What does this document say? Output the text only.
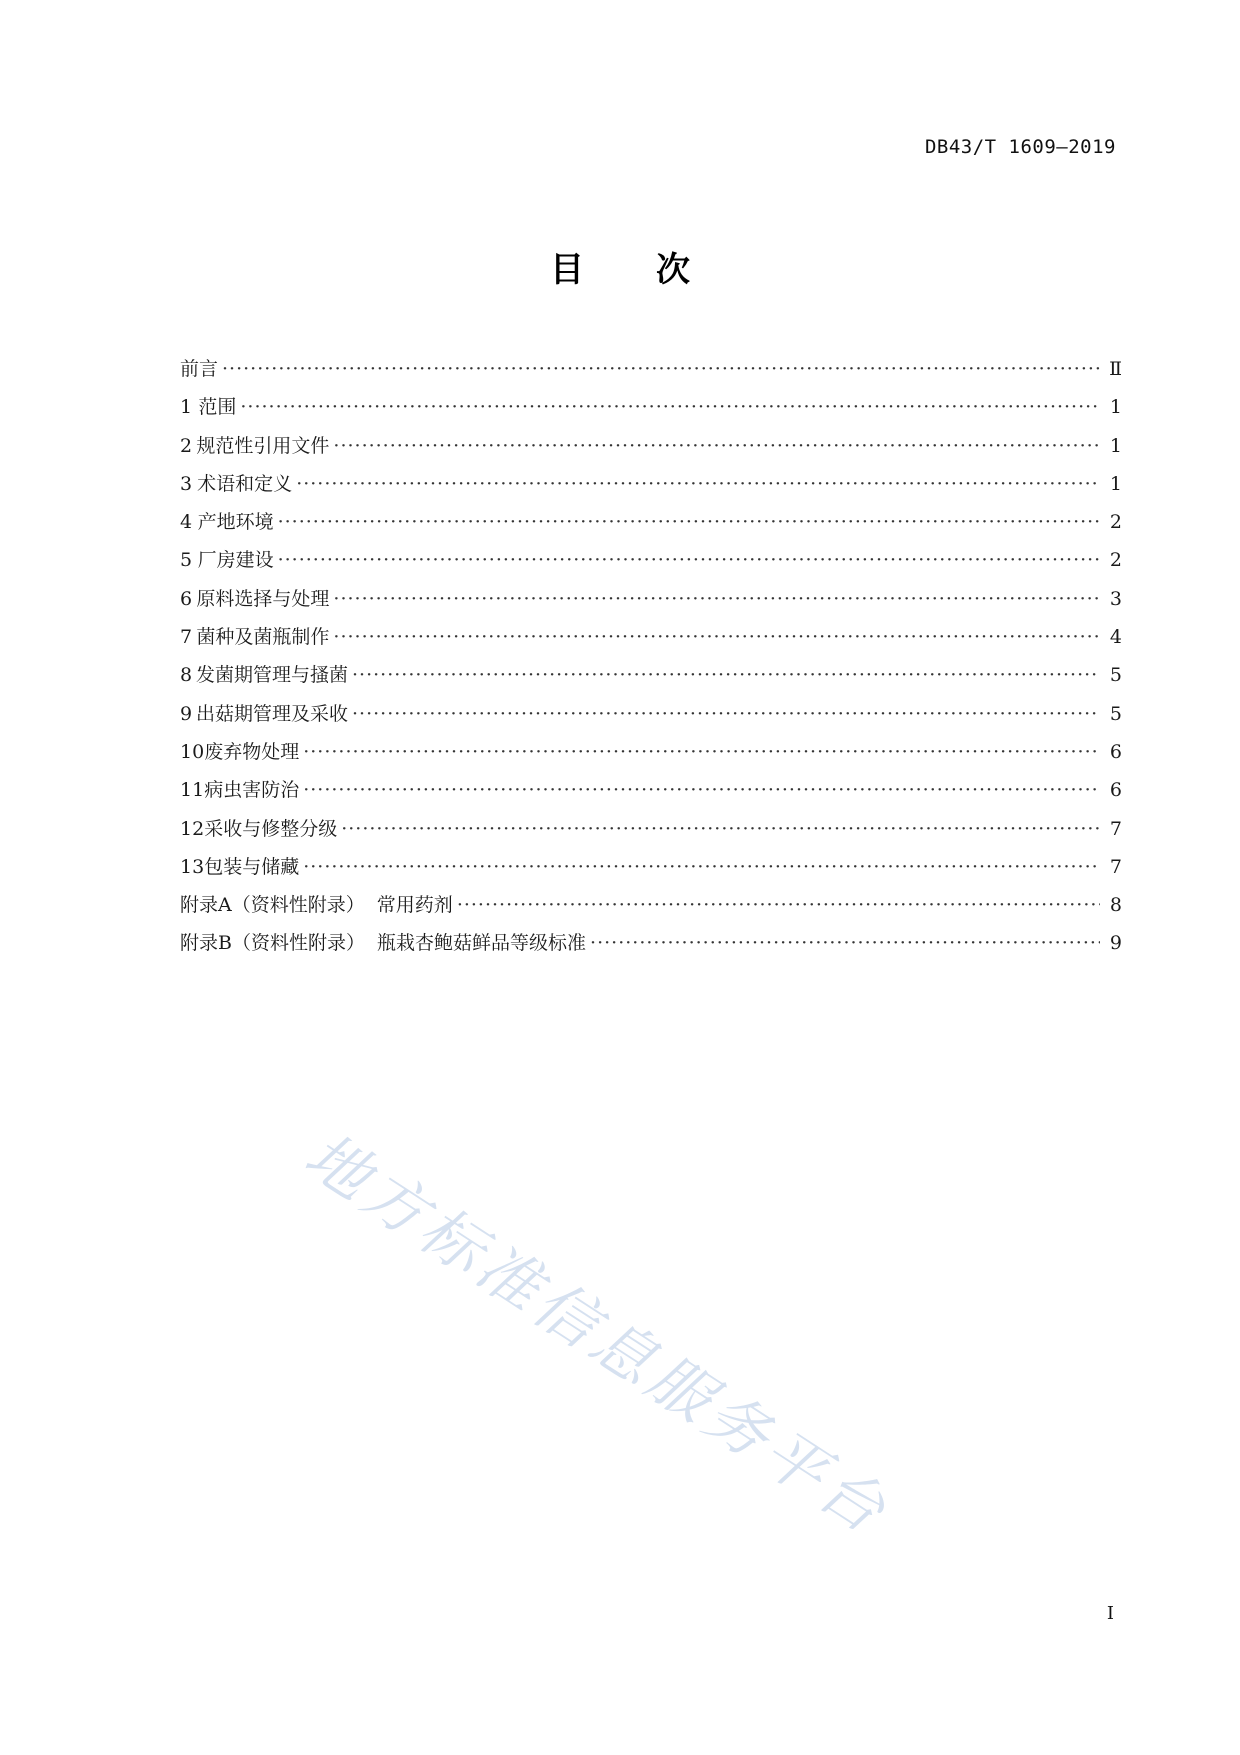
DB43/T 1609—2019
目次
前言 ·····	Ⅱ
1 范围 ·····	1
2 规范性引用文件 ·····	1
3 术语和定义 ·····	1
4 产地环境 ·····	2
5 厂房建设 ·····	2
6 原料选择与处理 ·····	3
7 菌种及菌瓶制作 ·····	4
8 发菌期管理与搔菌 ·····	5
9 出菇期管理及采收 ·····	5
10 废弃物处理 ·····	6
11 病虫害防治 ·····	6
12 采收与修整分级 ·····	7
13 包装与储藏 ·····	7
附录A（资料性附录）  常用药剂 ·····	8
附录B（资料性附录）  瓶栽杏鲍菇鲜品等级标准 ·····	9
地方标准信息服务平台
I
